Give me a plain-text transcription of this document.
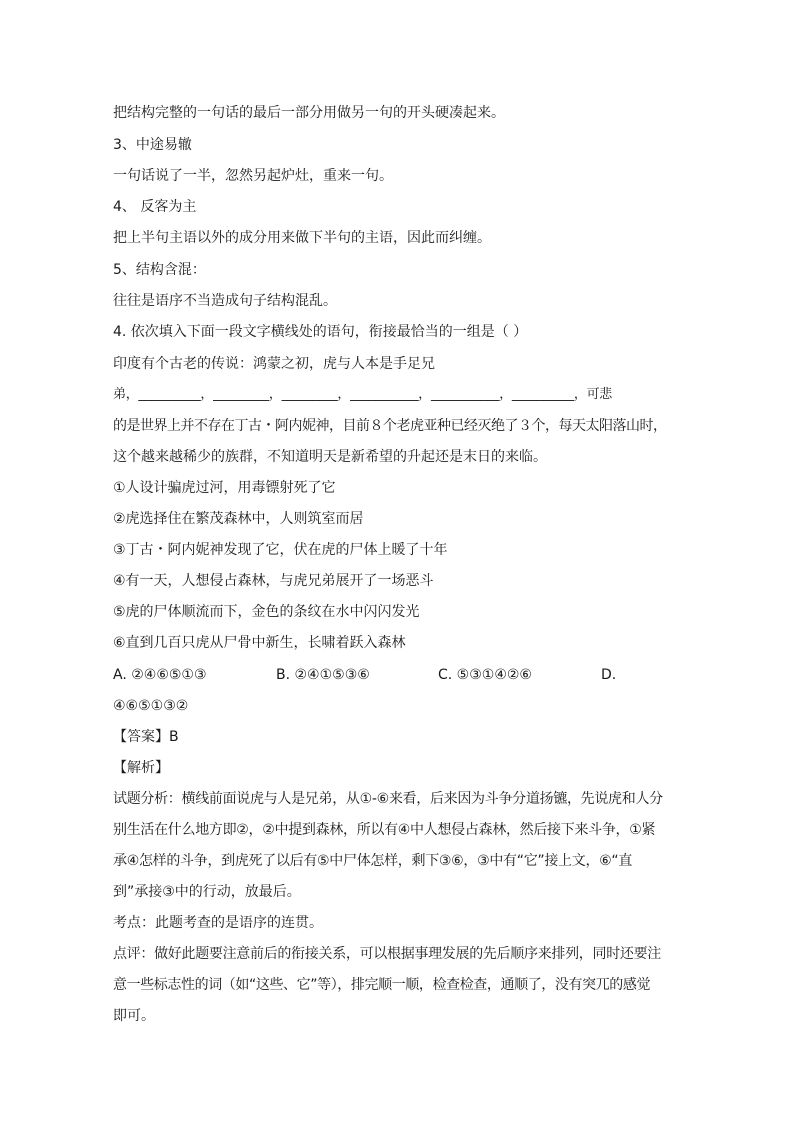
把结构完整的一句话的最后一部分用做另一句的开头硬凑起来。
3、中途易辙
一句话说了一半，忽然另起炉灶，重来一句。
4、 反客为主
把上半句主语以外的成分用来做下半句的主语，因此而纠缠。
5、结构含混：
往往是语序不当造成句子结构混乱。
4. 依次填入下面一段文字横线处的语句，衔接最恰当的一组是（ ）
印度有个古老的传说：鸿蒙之初，虎与人本是手足兄
弟，__________，_________，_________，___________，___________，__________，可悲
的是世界上并不存在丁古・阿内妮神，目前８个老虎亚种已经灭绝了３个，每天太阳落山时，
这个越来越稀少的族群，不知道明天是新希望的升起还是末日的来临。
①人设计骗虎过河，用毒镖射死了它
②虎选择住在繁茂森林中，人则筑室而居
③丁古・阿内妮神发现了它，伏在虎的尸体上暖了十年
④有一天，人想侵占森林，与虎兄弟展开了一场恶斗
⑤虎的尸体顺流而下，金色的条纹在水中闪闪发光
⑥直到几百只虎从尸骨中新生，长啸着跃入森林
A. ②④⑥⑤①③	B. ②④①⑤③⑥	C. ⑤③①④②⑥	D.
④⑥⑤①③②
【答案】B
【解析】
试题分析：横线前面说虎与人是兄弟，从①-⑥来看，后来因为斗争分道扬镳，先说虎和人分
别生活在什么地方即②，②中提到森林，所以有④中人想侵占森林，然后接下来斗争，①紧
承④怎样的斗争，到虎死了以后有⑤中尸体怎样，剩下③⑥，③中有“它”接上文，⑥“直
到”承接③中的行动，放最后。
考点：此题考查的是语序的连贯。
点评：做好此题要注意前后的衔接关系，可以根据事理发展的先后顺序来排列，同时还要注
意一些标志性的词（如“这些、它”等），排完顺一顺，检查检查，通顺了，没有突兀的感觉
即可。
